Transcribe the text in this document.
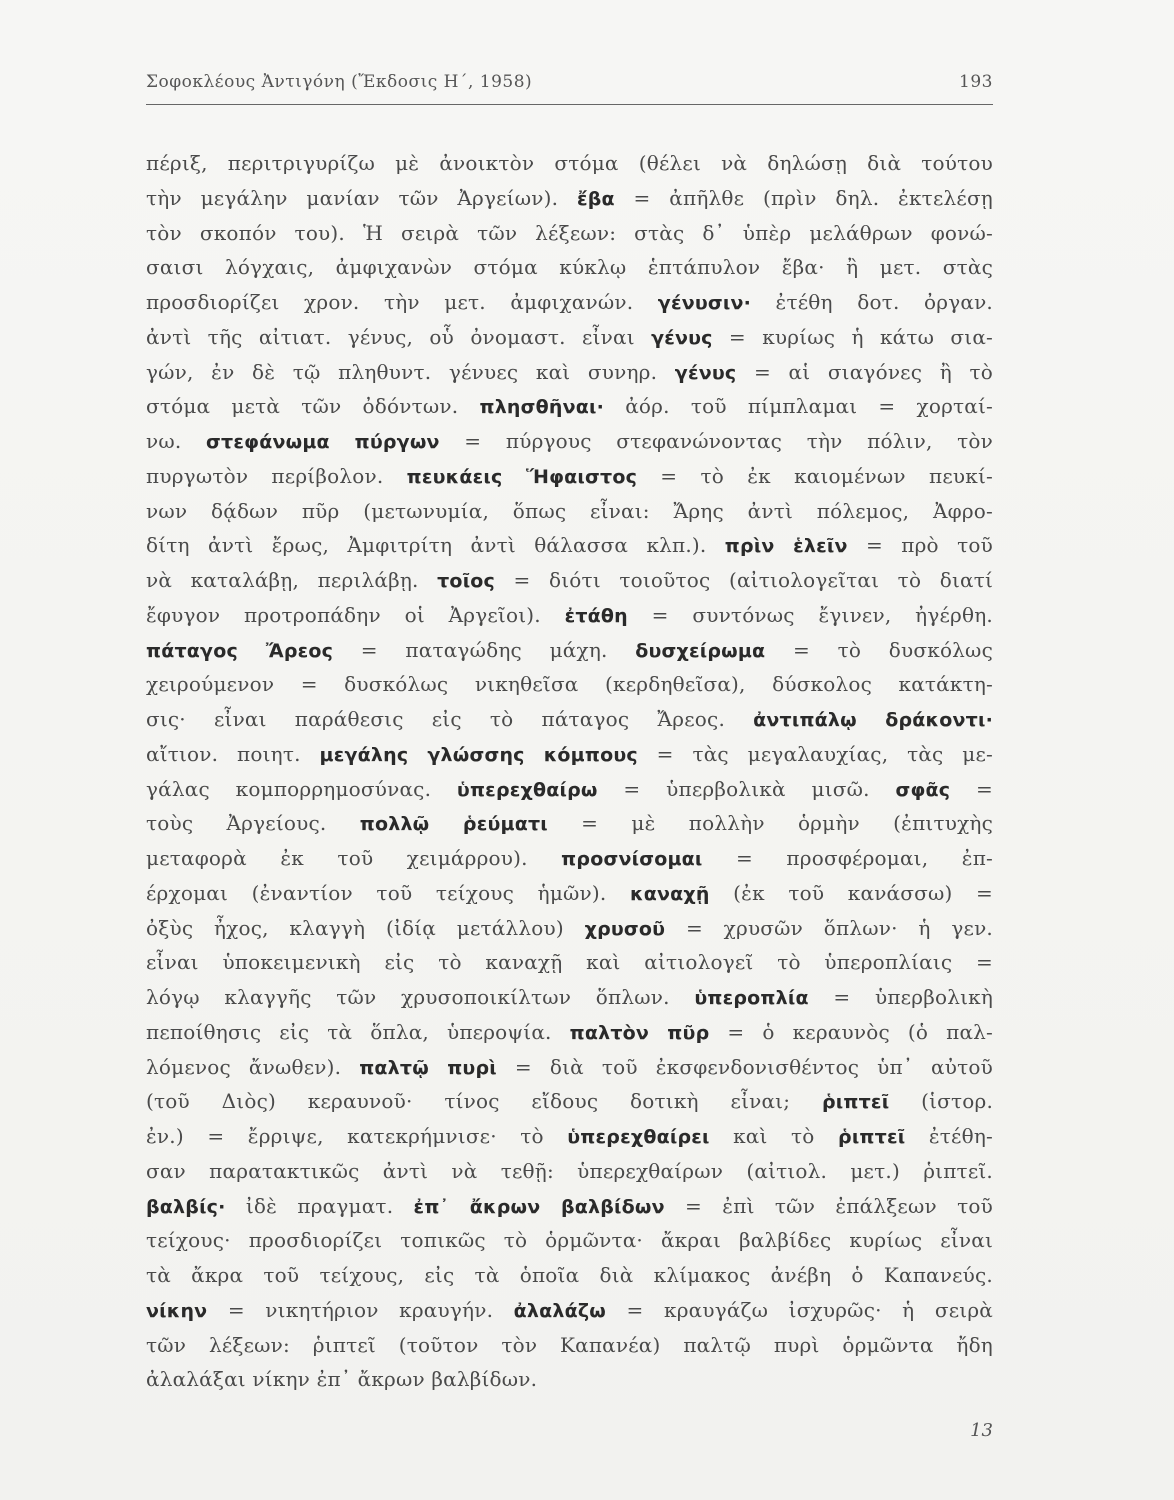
Σοφοκλέους Ἀντιγόνη (Ἔκδοσις Η΄, 1958)	193
πέριξ, περιτριγυρίζω μὲ ἀνοικτὸν στόμα (θέλει νὰ δηλώσῃ διὰ τούτου
τὴν μεγάλην μανίαν τῶν Ἀργείων). ἔβα = ἀπῆλθε (πρὶν δηλ. ἐκτελέσῃ
τὸν σκοπόν του). Ἡ σειρὰ τῶν λέξεων: στὰς δ᾽ ὑπὲρ μελάθρων φονώ-
σαισι λόγχαις, ἀμφιχανὼν στόμα κύκλῳ ἑπτάπυλον ἔβα· ἢ μετ. στὰς
προσδιορίζει χρον. τὴν μετ. ἀμφιχανών. γένυσιν· ἐτέθη δοτ. ὀργαν.
ἀντὶ τῆς αἰτιατ. γένυς, οὗ ὀνομαστ. εἶναι γένυς = κυρίως ἡ κάτω σια-
γών, ἐν δὲ τῷ πληθυντ. γένυες καὶ συνηρ. γένυς = αἱ σιαγόνες ἢ τὸ
στόμα μετὰ τῶν ὀδόντων. πλησθῆναι· ἀόρ. τοῦ πίμπλαμαι = χορταί-
νω. στεφάνωμα πύργων = πύργους στεφανώνοντας τὴν πόλιν, τὸν
πυργωτὸν περίβολον. πευκάεις Ἥφαιστος = τὸ ἐκ καιομένων πευκί-
νων δᾴδων πῦρ (μετωνυμία, ὅπως εἶναι: Ἄρης ἀντὶ πόλεμος, Ἀφρο-
δίτη ἀντὶ ἔρως, Ἀμφιτρίτη ἀντὶ θάλασσα κλπ.). πρὶν ἑλεῖν = πρὸ τοῦ
νὰ καταλάβῃ, περιλάβῃ. τοῖος = διότι τοιοῦτος (αἰτιολογεῖται τὸ διατί
ἔφυγον προτροπάδην οἱ Ἀργεῖοι). ἐτάθη = συντόνως ἔγινεν, ἠγέρθη.
πάταγος Ἄρεος = παταγώδης μάχη. δυσχείρωμα = τὸ δυσκόλως
χειρούμενον = δυσκόλως νικηθεῖσα (κερδηθεῖσα), δύσκολος κατάκτη-
σις· εἶναι παράθεσις εἰς τὸ πάταγος Ἄρεος. ἀντιπάλῳ δράκοντι·
αἴτιον. ποιητ. μεγάλης γλώσσης κόμπους = τὰς μεγαλαυχίας, τὰς με-
γάλας κομπορρημοσύνας. ὑπερεχθαίρω = ὑπερβολικὰ μισῶ. σφᾶς =
τοὺς Ἀργείους. πολλῷ ῥεύματι = μὲ πολλὴν ὁρμὴν (ἐπιτυχὴς
μεταφορὰ ἐκ τοῦ χειμάρρου). προσνίσομαι = προσφέρομαι, ἐπ-
έρχομαι (ἐναντίον τοῦ τείχους ἡμῶν). καναχῇ (ἐκ τοῦ κανάσσω) =
ὀξὺς ἦχος, κλαγγὴ (ἰδίᾳ μετάλλου) χρυσοῦ = χρυσῶν ὅπλων· ἡ γεν.
εἶναι ὑποκειμενικὴ εἰς τὸ καναχῇ καὶ αἰτιολογεῖ τὸ ὑπεροπλίαις =
λόγῳ κλαγγῆς τῶν χρυσοποικίλτων ὅπλων. ὑπεροπλία = ὑπερβολικὴ
πεποίθησις εἰς τὰ ὅπλα, ὑπεροψία. παλτὸν πῦρ = ὁ κεραυνὸς (ὁ παλ-
λόμενος ἄνωθεν). παλτῷ πυρὶ = διὰ τοῦ ἐκσφενδονισθέντος ὑπ᾽ αὐτοῦ
(τοῦ Διὸς) κεραυνοῦ· τίνος εἴδους δοτικὴ εἶναι; ῥιπτεῖ (ἱστορ.
ἐν.) = ἔρριψε, κατεκρήμνισε· τὸ ὑπερεχθαίρει καὶ τὸ ῥιπτεῖ ἐτέθη-
σαν παρατακτικῶς ἀντὶ νὰ τεθῇ: ὑπερεχθαίρων (αἰτιολ. μετ.) ῥιπτεῖ.
βαλβίς· ἰδὲ πραγματ. ἐπ᾽ ἄκρων βαλβίδων = ἐπὶ τῶν ἐπάλξεων τοῦ
τείχους· προσδιορίζει τοπικῶς τὸ ὁρμῶντα· ἄκραι βαλβίδες κυρίως εἶναι
τὰ ἄκρα τοῦ τείχους, εἰς τὰ ὁποῖα διὰ κλίμακος ἀνέβη ὁ Καπανεύς.
νίκην = νικητήριον κραυγήν. ἀλαλάζω = κραυγάζω ἰσχυρῶς· ἡ σειρὰ
τῶν λέξεων: ῥιπτεῖ (τοῦτον τὸν Καπανέα) παλτῷ πυρὶ ὁρμῶντα ἤδη
ἀλαλάξαι νίκην ἐπ᾽ ἄκρων βαλβίδων.
13
